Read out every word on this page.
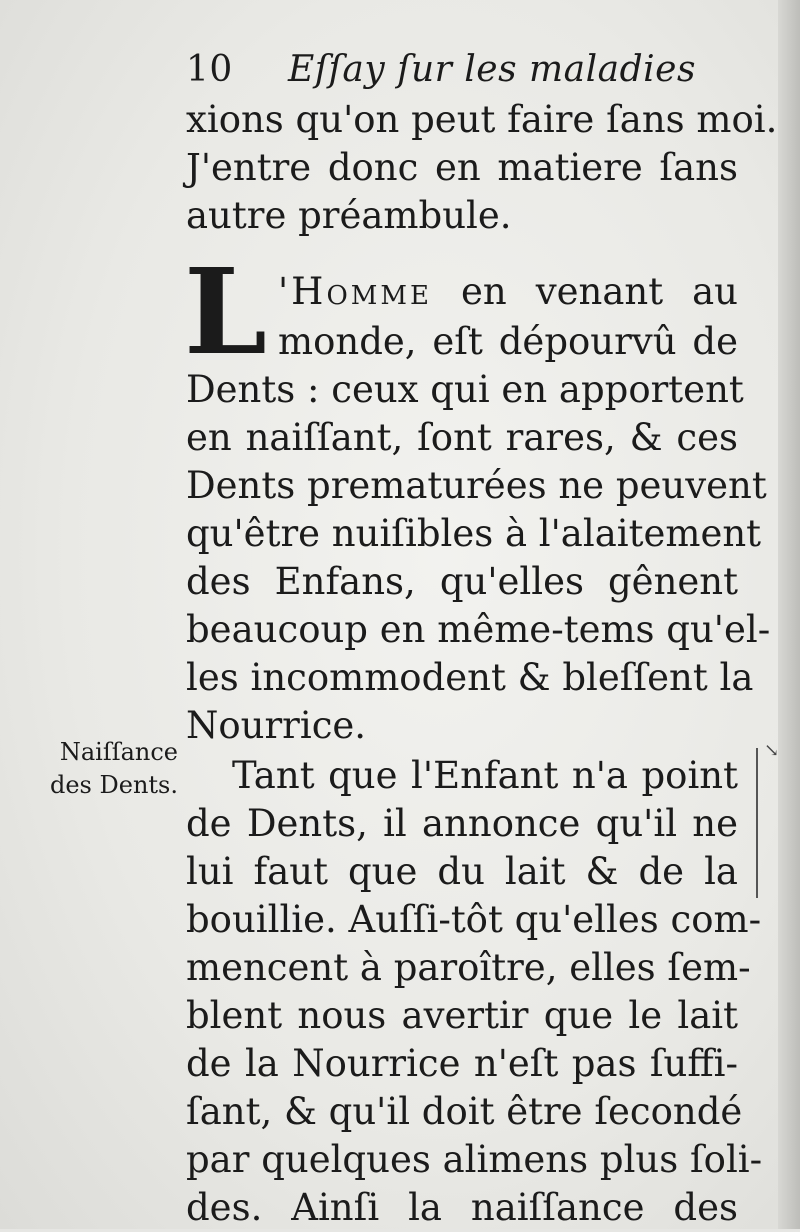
10 Eſſay ſur les maladies
xions qu'on peut faire ſans moi.
J'entre donc en matiere ſans
autre préambule.
L 'Homme en venant au
monde, eſt dépourvû de
Dents : ceux qui en apportent
en naiſſant, ſont rares, & ces
Dents prematurées ne peuvent
qu'être nuiſibles à l'alaitement
des Enfans, qu'elles gênent
beaucoup en même-tems qu'el-
les incommodent & bleſſent la
Nourrice.
Tant que l'Enfant n'a point
de Dents, il annonce qu'il ne
lui faut que du lait & de la
bouillie. Auſſi-tôt qu'elles com-
mencent à paroître, elles ſem-
blent nous avertir que le lait
de la Nourrice n'eſt pas ſuffi-
ſant, & qu'il doit être ſecondé
par quelques alimens plus ſoli-
des. Ainſi la naiſſance des
Naiſſance
des Dents.
↘
